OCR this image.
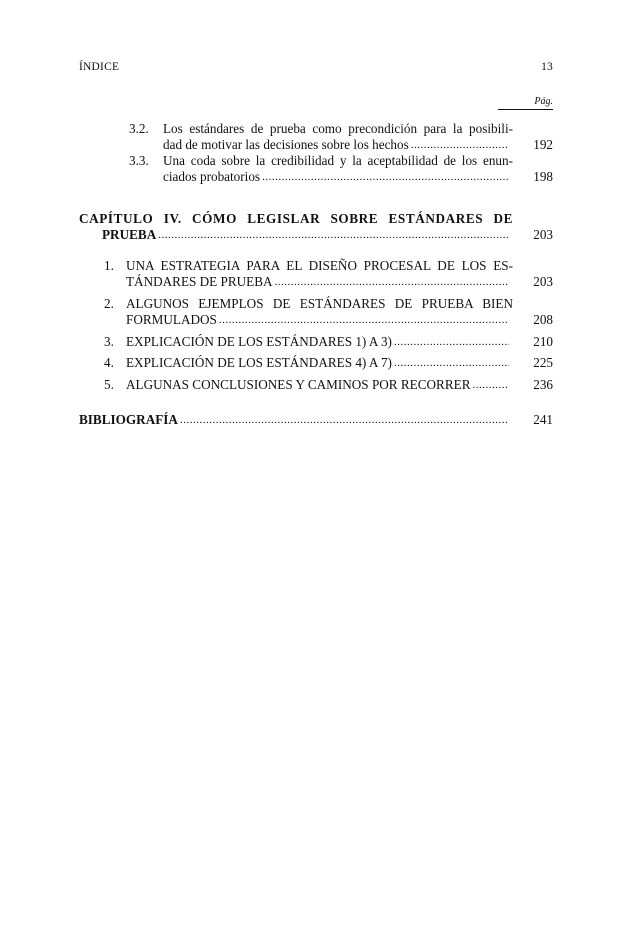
ÍNDICE	13
Pág.
3.2.	Los estándares de prueba como precondición para la posibili-
dad de motivar las decisiones sobre los hechos .....	192
3.3.	Una coda sobre la credibilidad y la aceptabilidad de los enun-
ciados probatorios .....	198
CAPÍTULO IV. CÓMO LEGISLAR SOBRE ESTÁNDARES DE
PRUEBA .....	203
1. UNA ESTRATEGIA PARA EL DISEÑO PROCESAL DE LOS ES-
TÁNDARES DE PRUEBA .....	203
2. ALGUNOS EJEMPLOS DE ESTÁNDARES DE PRUEBA BIEN
FORMULADOS .....	208
3. EXPLICACIÓN DE LOS ESTÁNDARES 1) A 3) .....	210
4. EXPLICACIÓN DE LOS ESTÁNDARES 4) A 7) .....	225
5. ALGUNAS CONCLUSIONES Y CAMINOS POR RECORRER .....	236
BIBLIOGRAFÍA .....	241
